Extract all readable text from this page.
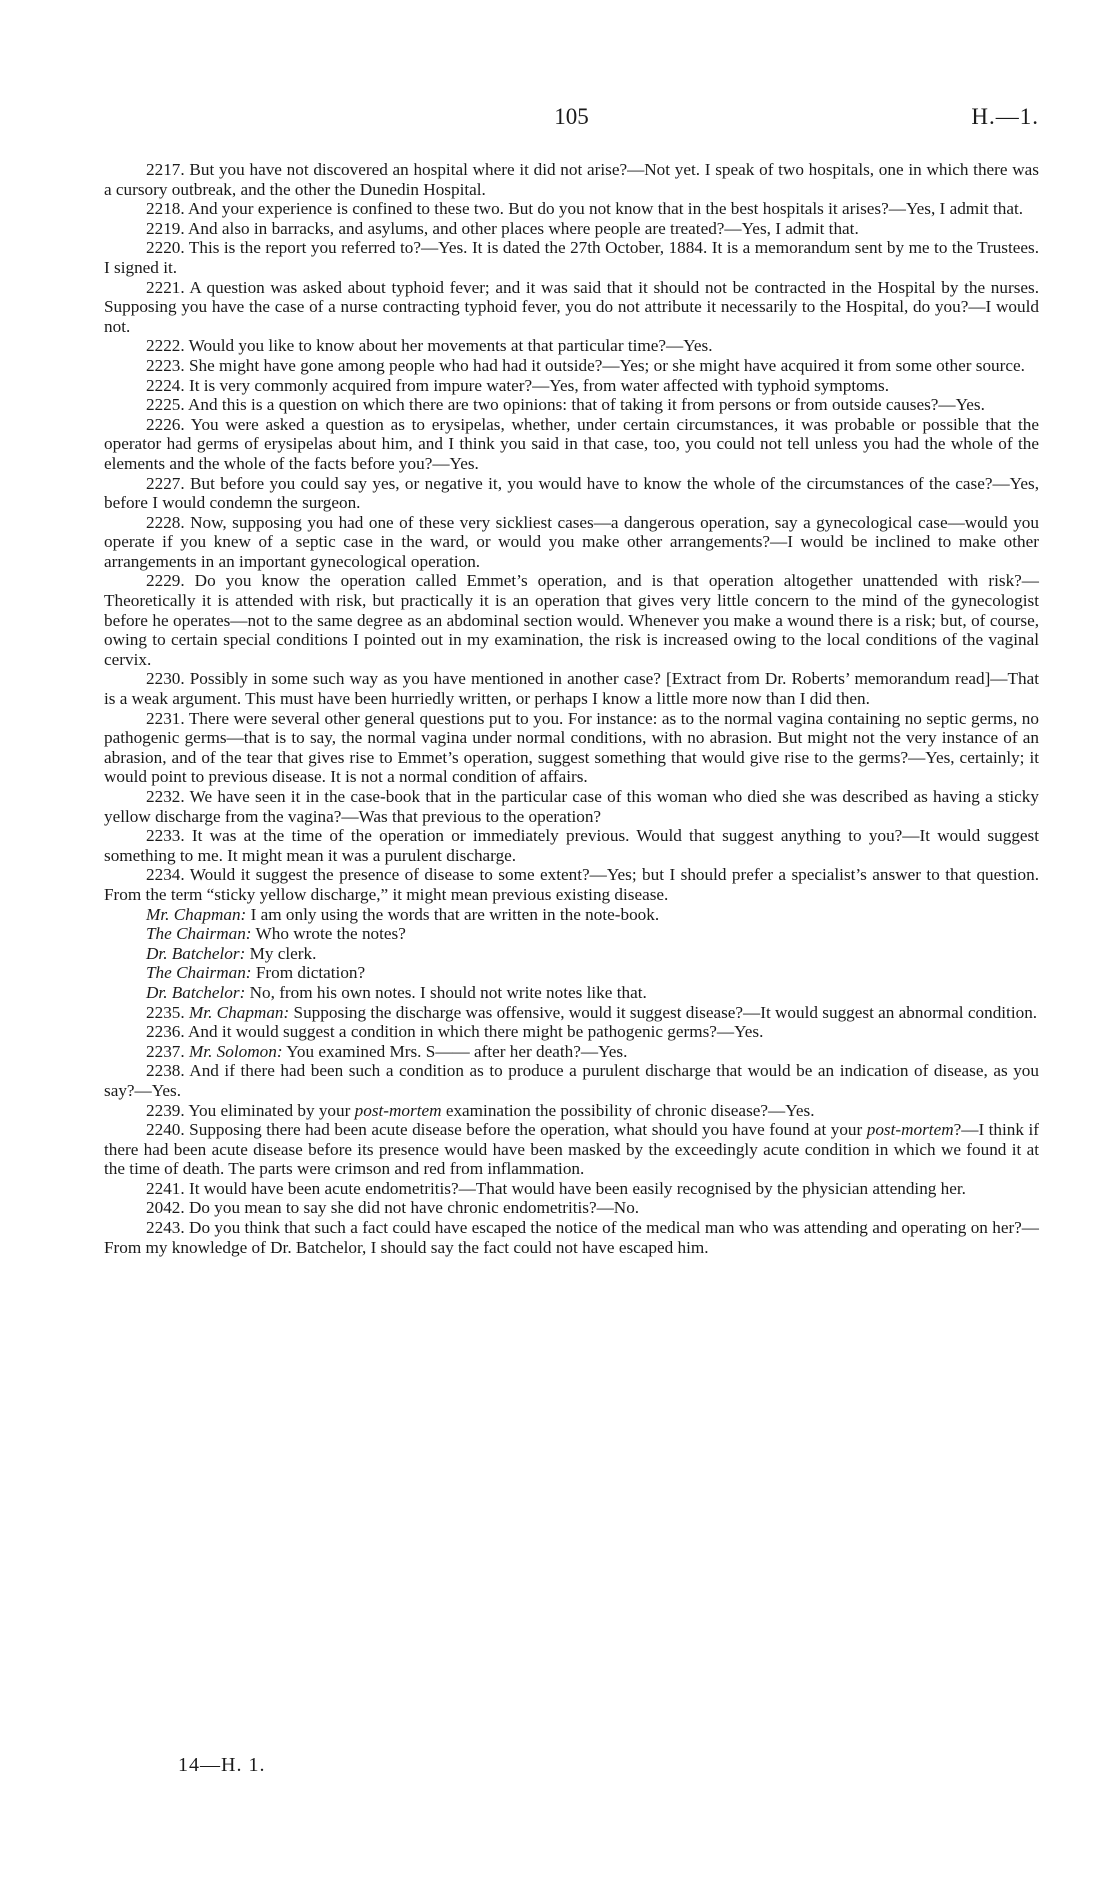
105	H.—1.

2217. But you have not discovered an hospital where it did not arise?—Not yet. I speak of two hospitals, one in which there was a cursory outbreak, and the other the Dunedin Hospital.

2218. And your experience is confined to these two. But do you not know that in the best hospitals it arises?—Yes, I admit that.

2219. And also in barracks, and asylums, and other places where people are treated?—Yes, I admit that.

2220. This is the report you referred to?—Yes. It is dated the 27th October, 1884. It is a memorandum sent by me to the Trustees. I signed it.

2221. A question was asked about typhoid fever; and it was said that it should not be contracted in the Hospital by the nurses. Supposing you have the case of a nurse contracting typhoid fever, you do not attribute it necessarily to the Hospital, do you?—I would not.

2222. Would you like to know about her movements at that particular time?—Yes.

2223. She might have gone among people who had had it outside?—Yes; or she might have acquired it from some other source.

2224. It is very commonly acquired from impure water?—Yes, from water affected with typhoid symptoms.

2225. And this is a question on which there are two opinions: that of taking it from persons or from outside causes?—Yes.

2226. You were asked a question as to erysipelas, whether, under certain circumstances, it was probable or possible that the operator had germs of erysipelas about him, and I think you said in that case, too, you could not tell unless you had the whole of the elements and the whole of the facts before you?—Yes.

2227. But before you could say yes, or negative it, you would have to know the whole of the circumstances of the case?—Yes, before I would condemn the surgeon.

2228. Now, supposing you had one of these very sickliest cases—a dangerous operation, say a gynecological case—would you operate if you knew of a septic case in the ward, or would you make other arrangements?—I would be inclined to make other arrangements in an important gynecological operation.

2229. Do you know the operation called Emmet’s operation, and is that operation altogether unattended with risk?—Theoretically it is attended with risk, but practically it is an operation that gives very little concern to the mind of the gynecologist before he operates—not to the same degree as an abdominal section would. Whenever you make a wound there is a risk; but, of course, owing to certain special conditions I pointed out in my examination, the risk is increased owing to the local conditions of the vaginal cervix.

2230. Possibly in some such way as you have mentioned in another case? [Extract from Dr. Roberts’ memorandum read]—That is a weak argument. This must have been hurriedly written, or perhaps I know a little more now than I did then.

2231. There were several other general questions put to you. For instance: as to the normal vagina containing no septic germs, no pathogenic germs—that is to say, the normal vagina under normal conditions, with no abrasion. But might not the very instance of an abrasion, and of the tear that gives rise to Emmet’s operation, suggest something that would give rise to the germs?—Yes, certainly; it would point to previous disease. It is not a normal condition of affairs.

2232. We have seen it in the case-book that in the particular case of this woman who died she was described as having a sticky yellow discharge from the vagina?—Was that previous to the operation?

2233. It was at the time of the operation or immediately previous. Would that suggest anything to you?—It would suggest something to me. It might mean it was a purulent discharge.

2234. Would it suggest the presence of disease to some extent?—Yes; but I should prefer a specialist’s answer to that question. From the term “sticky yellow discharge,” it might mean previous existing disease.

Mr. Chapman: I am only using the words that are written in the note-book.

The Chairman: Who wrote the notes?

Dr. Batchelor: My clerk.

The Chairman: From dictation?

Dr. Batchelor: No, from his own notes. I should not write notes like that.

2235. Mr. Chapman: Supposing the discharge was offensive, would it suggest disease?—It would suggest an abnormal condition.

2236. And it would suggest a condition in which there might be pathogenic germs?—Yes.

2237. Mr. Solomon: You examined Mrs. S—— after her death?—Yes.

2238. And if there had been such a condition as to produce a purulent discharge that would be an indication of disease, as you say?—Yes.

2239. You eliminated by your post-mortem examination the possibility of chronic disease?—Yes.

2240. Supposing there had been acute disease before the operation, what should you have found at your post-mortem?—I think if there had been acute disease before its presence would have been masked by the exceedingly acute condition in which we found it at the time of death. The parts were crimson and red from inflammation.

2241. It would have been acute endometritis?—That would have been easily recognised by the physician attending her.

2042. Do you mean to say she did not have chronic endometritis?—No.

2243. Do you think that such a fact could have escaped the notice of the medical man who was attending and operating on her?—From my knowledge of Dr. Batchelor, I should say the fact could not have escaped him.

14—H. 1.
